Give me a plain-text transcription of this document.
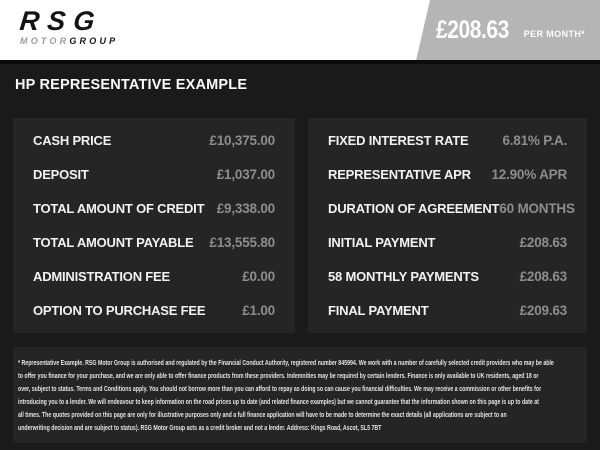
RSG
MOTORGROUP	£208.63 PER MONTH*
HP REPRESENTATIVE EXAMPLE
CASH PRICE	£10,375.00
DEPOSIT	£1,037.00
TOTAL AMOUNT OF CREDIT £9,338.00
TOTAL AMOUNT PAYABLE £13,555.80
ADMINISTRATION FEE	£0.00
OPTION TO PURCHASE FEE	£1.00
FIXED INTEREST RATE	6.81% P.A.
REPRESENTATIVE APR 12.90% APR
DURATION OF AGREEMENT 60 MONTHS
INITIAL PAYMENT	£208.63
58 MONTHLY PAYMENTS	£208.63
FINAL PAYMENT	£209.63
* Representative Example. RSG Motor Group is authorised and regulated by the Financial Conduct Authority, registered number 845994. We work with a number of carefully selected credit providers who may be able
to offer you finance for your purchase, and we are only able to offer finance products from these providers. Indemnities may be required by certain lenders. Finance is only available to UK residents, aged 18 or
over, subject to status. Terms and Conditions apply. You should not borrow more than you can afford to repay as doing so can cause you financial difficulties. We may receive a commission or other benefits for
introducing you to a lender. We will endeavour to keep information on the road prices up to date (and related finance examples) but we cannot guarantee that the information shown on this page is up to date at
all times. The quotes provided on this page are only for illustrative purposes only and a full finance application will have to be made to determine the exact details (all applications are subject to an
underwriting decision and are subject to status). RSG Motor Group acts as a credit broker and not a lender. Address: Kings Road, Ascot, SL5 7BT
